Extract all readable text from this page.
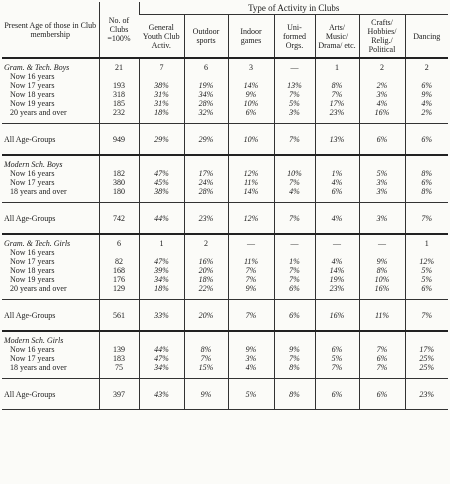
Present Age of those in Club membership	No. of Clubs =100%	Type of Activity in Clubs						
		General Youth Club Activ.	Outdoor sports	Indoor games	Uni-formed Orgs.	Arts/ Music/ Drama/ etc.	Crafts/ Hobbies/ Relig./ Political	Dancing
Gram. & Tech. Boys	21	7	6	3	—	1	2	2
Now 16 years								
Now 17 years	193	38%	19%	14%	13%	8%	2%	6%
Now 18 years	318	31%	34%	9%	7%	7%	3%	9%
Now 19 years	185	31%	28%	10%	5%	17%	4%	4%
20 years and over	232	18%	32%	6%	3%	23%	16%	2%

All Age-Groups	949	29%	29%	10%	7%	13%	6%	6%
Modern Sch. Boys								
Now 16 years	182	47%	17%	12%	10%	1%	5%	8%
Now 17 years	380	45%	24%	11%	7%	4%	3%	6%
18 years and over	180	38%	28%	14%	4%	6%	3%	8%

All Age-Groups	742	44%	23%	12%	7%	4%	3%	7%
Gram. & Tech. Girls	6	1	2	—	—	—	—	1
Now 16 years								
Now 17 years	82	47%	16%	11%	1%	4%	9%	12%
Now 18 years	168	39%	20%	7%	7%	14%	8%	5%
Now 19 years	176	34%	18%	7%	7%	19%	10%	5%
20 years and over	129	18%	22%	9%	6%	23%	16%	6%

All Age-Groups	561	33%	20%	7%	6%	16%	11%	7%
Modern Sch. Girls								
Now 16 years	139	44%	8%	9%	9%	6%	7%	17%
Now 17 years	183	47%	7%	3%	7%	5%	6%	25%
18 years and over	75	34%	15%	4%	8%	7%	7%	25%

All Age-Groups	397	43%	9%	5%	8%	6%	6%	23%
